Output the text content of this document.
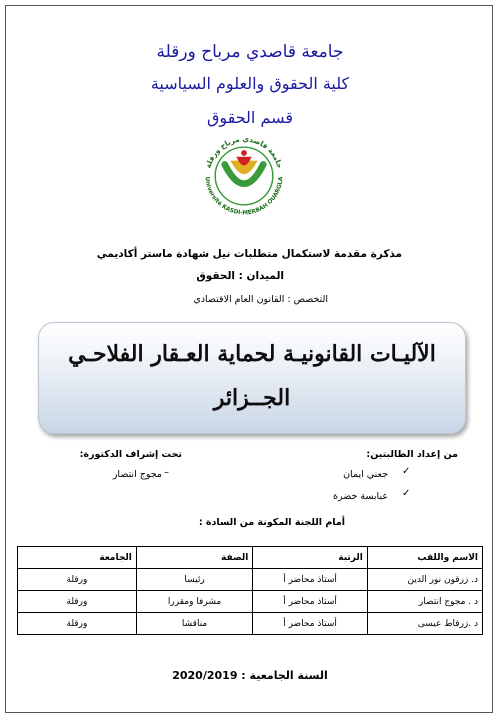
جامعة قاصدي مرباح ورقلة
كلية الحقوق والعلوم السياسية
قسم الحقوق
جامعة قاصدي مرباح ورقلة
Université KASDI-MERBAH OUARGLA
مذكرة مقدمة لاستكمال متطلبات نيل شهادة ماستر أكاديمي
الميدان : الحقوق
التخصص : القانون العام الاقتصادي
الآليـات القانونيـة لحماية العـقار الفلاحـي
الجــزائر
من إعداد الطالبتين:
تحت إشراف الدكتورة:
✓
جعني ايمان
✓
عبابسة خضرة
–
مجوج انتصار
أمام اللجنة المكونة من السادة :
الاسم واللقب	الرتبة	الصفة	الجامعة
د. زرقون نور الدين	أستاذ محاضر أ	رئيسا	ورقلة
د . مجوج انتصار	أستاذ محاضر أ	مشرفا ومقررا	ورقلة
د .زرقاط عيسى	أستاذ محاضر أ	مناقشا	ورقلة
السنة الجامعية : 2020/2019
